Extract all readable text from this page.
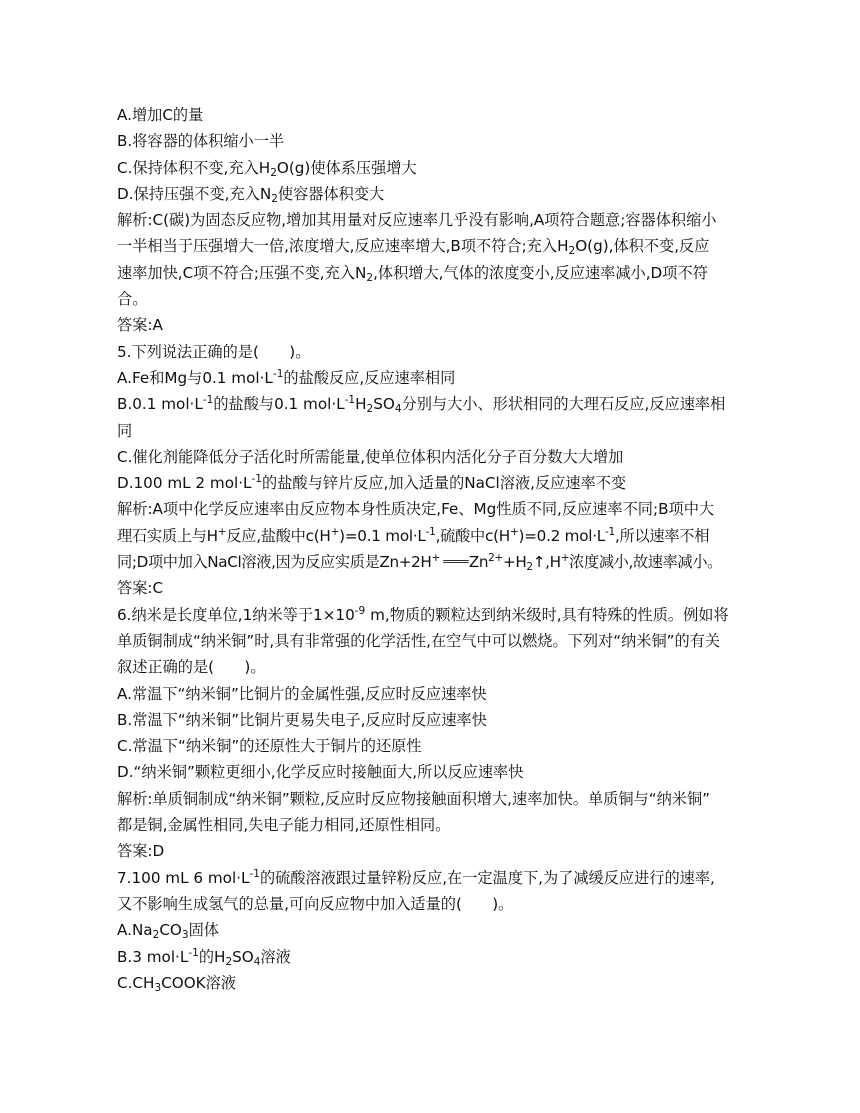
A.增加C的量
B.将容器的体积缩小一半
C.保持体积不变,充入$H_2O(g)$使体系压强增大
D.保持压强不变,充入$N_2$使容器体积变大
解析:C(碳)为固态反应物,增加其用量对反应速率几乎没有影响,A项符合题意;容器体积缩小
一半相当于压强增大一倍,浓度增大,反应速率增大,B项不符合;充入$H_2O(g)$,体积不变,反应
速率加快,C项不符合;压强不变,充入$N_2$,体积增大,气体的浓度变小,反应速率减小,D项不符
合。
答案:A
5.下列说法正确的是(　　)。
A.Fe和Mg与0.1 $mol\cdot L^{-1}$的盐酸反应,反应速率相同
B.0.1 $mol\cdot L^{-1}$的盐酸与0.1 $mol\cdot L^{-1}H_2SO_4$分别与大小、形状相同的大理石反应,反应速率相
同
C.催化剂能降低分子活化时所需能量,使单位体积内活化分子百分数大大增加
D.100 mL 2 $mol\cdot L^{-1}$的盐酸与锌片反应,加入适量的NaCl溶液,反应速率不变
解析:A项中化学反应速率由反应物本身性质决定,Fe、Mg性质不同,反应速率不同;B项中大
理石实质上与H+反应,盐酸中c(H+)=0.1 $mol\cdot L^{-1}$,硫酸中c(H+)=0.2 $mol\cdot L^{-1}$,所以速率不相
同;D项中加入NaCl溶液,因为反应实质是$Zn+2H^+==== Zn^{2+}+H_2↑,H^+$浓度减小,故速率减小。
答案:C
6.纳米是长度单位,1纳米等于$1\times 10^{-9}$ m,物质的颗粒达到纳米级时,具有特殊的性质。例如将
单质铜制成“纳米铜”时,具有非常强的化学活性,在空气中可以燃烧。下列对“纳米铜”的有关
叙述正确的是(　　)。
A.常温下“纳米铜”比铜片的金属性强,反应时反应速率快
B.常温下“纳米铜”比铜片更易失电子,反应时反应速率快
C.常温下“纳米铜”的还原性大于铜片的还原性
D.“纳米铜”颗粒更细小,化学反应时接触面大,所以反应速率快
解析:单质铜制成“纳米铜”颗粒,反应时反应物接触面积增大,速率加快。单质铜与“纳米铜”
都是铜,金属性相同,失电子能力相同,还原性相同。
答案:D
7.100 mL 6 $mol\cdot L^{-1}$的硫酸溶液跟过量锌粉反应,在一定温度下,为了减缓反应进行的速率,
又不影响生成氢气的总量,可向反应物中加入适量的(　　)。
$A.Na_2CO_3$固体
B.3 $mol\cdot L^{-1}$的$H_2SO_4$溶液
$C.CH_3COOK$溶液
